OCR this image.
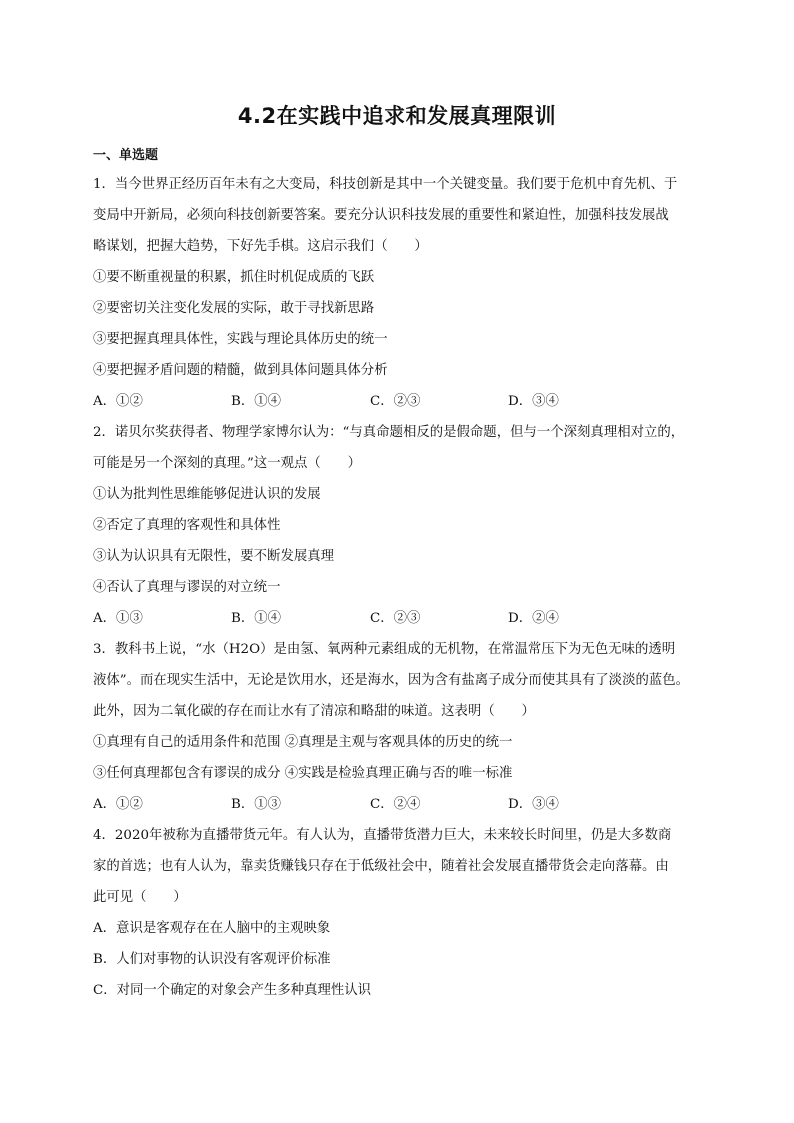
4.2在实践中追求和发展真理限训
一、单选题
1．当今世界正经历百年未有之大变局，科技创新是其中一个关键变量。我们要于危机中育先机、于
变局中开新局，必须向科技创新要答案。要充分认识科技发展的重要性和紧迫性，加强科技发展战
略谋划，把握大趋势，下好先手棋。这启示我们（　　）
①要不断重视量的积累，抓住时机促成质的飞跃
②要密切关注变化发展的实际，敢于寻找新思路
③要把握真理具体性，实践与理论具体历史的统一
④要把握矛盾问题的精髓，做到具体问题具体分析
A．①②	B．①④	C．②③	D．③④
2．诺贝尔奖获得者、物理学家博尔认为：“与真命题相反的是假命题，但与一个深刻真理相对立的，
可能是另一个深刻的真理。”这一观点（　　）
①认为批判性思维能够促进认识的发展
②否定了真理的客观性和具体性
③认为认识具有无限性，要不断发展真理
④否认了真理与谬误的对立统一
A．①③	B．①④	C．②③	D．②④
3．教科书上说，“水（H2O）是由氢、氧两种元素组成的无机物，在常温常压下为无色无味的透明
液体”。而在现实生活中，无论是饮用水，还是海水，因为含有盐离子成分而使其具有了淡淡的蓝色。
此外，因为二氧化碳的存在而让水有了清凉和略甜的味道。这表明（　　）
①真理有自己的适用条件和范围 ②真理是主观与客观具体的历史的统一
③任何真理都包含有谬误的成分 ④实践是检验真理正确与否的唯一标准
A．①②	B．①③	C．②④	D．③④
4．2020年被称为直播带货元年。有人认为，直播带货潜力巨大，未来较长时间里，仍是大多数商
家的首选；也有人认为，靠卖货赚钱只存在于低级社会中，随着社会发展直播带货会走向落幕。由
此可见（　　）
A．意识是客观存在在人脑中的主观映象
B．人们对事物的认识没有客观评价标准
C．对同一个确定的对象会产生多种真理性认识
